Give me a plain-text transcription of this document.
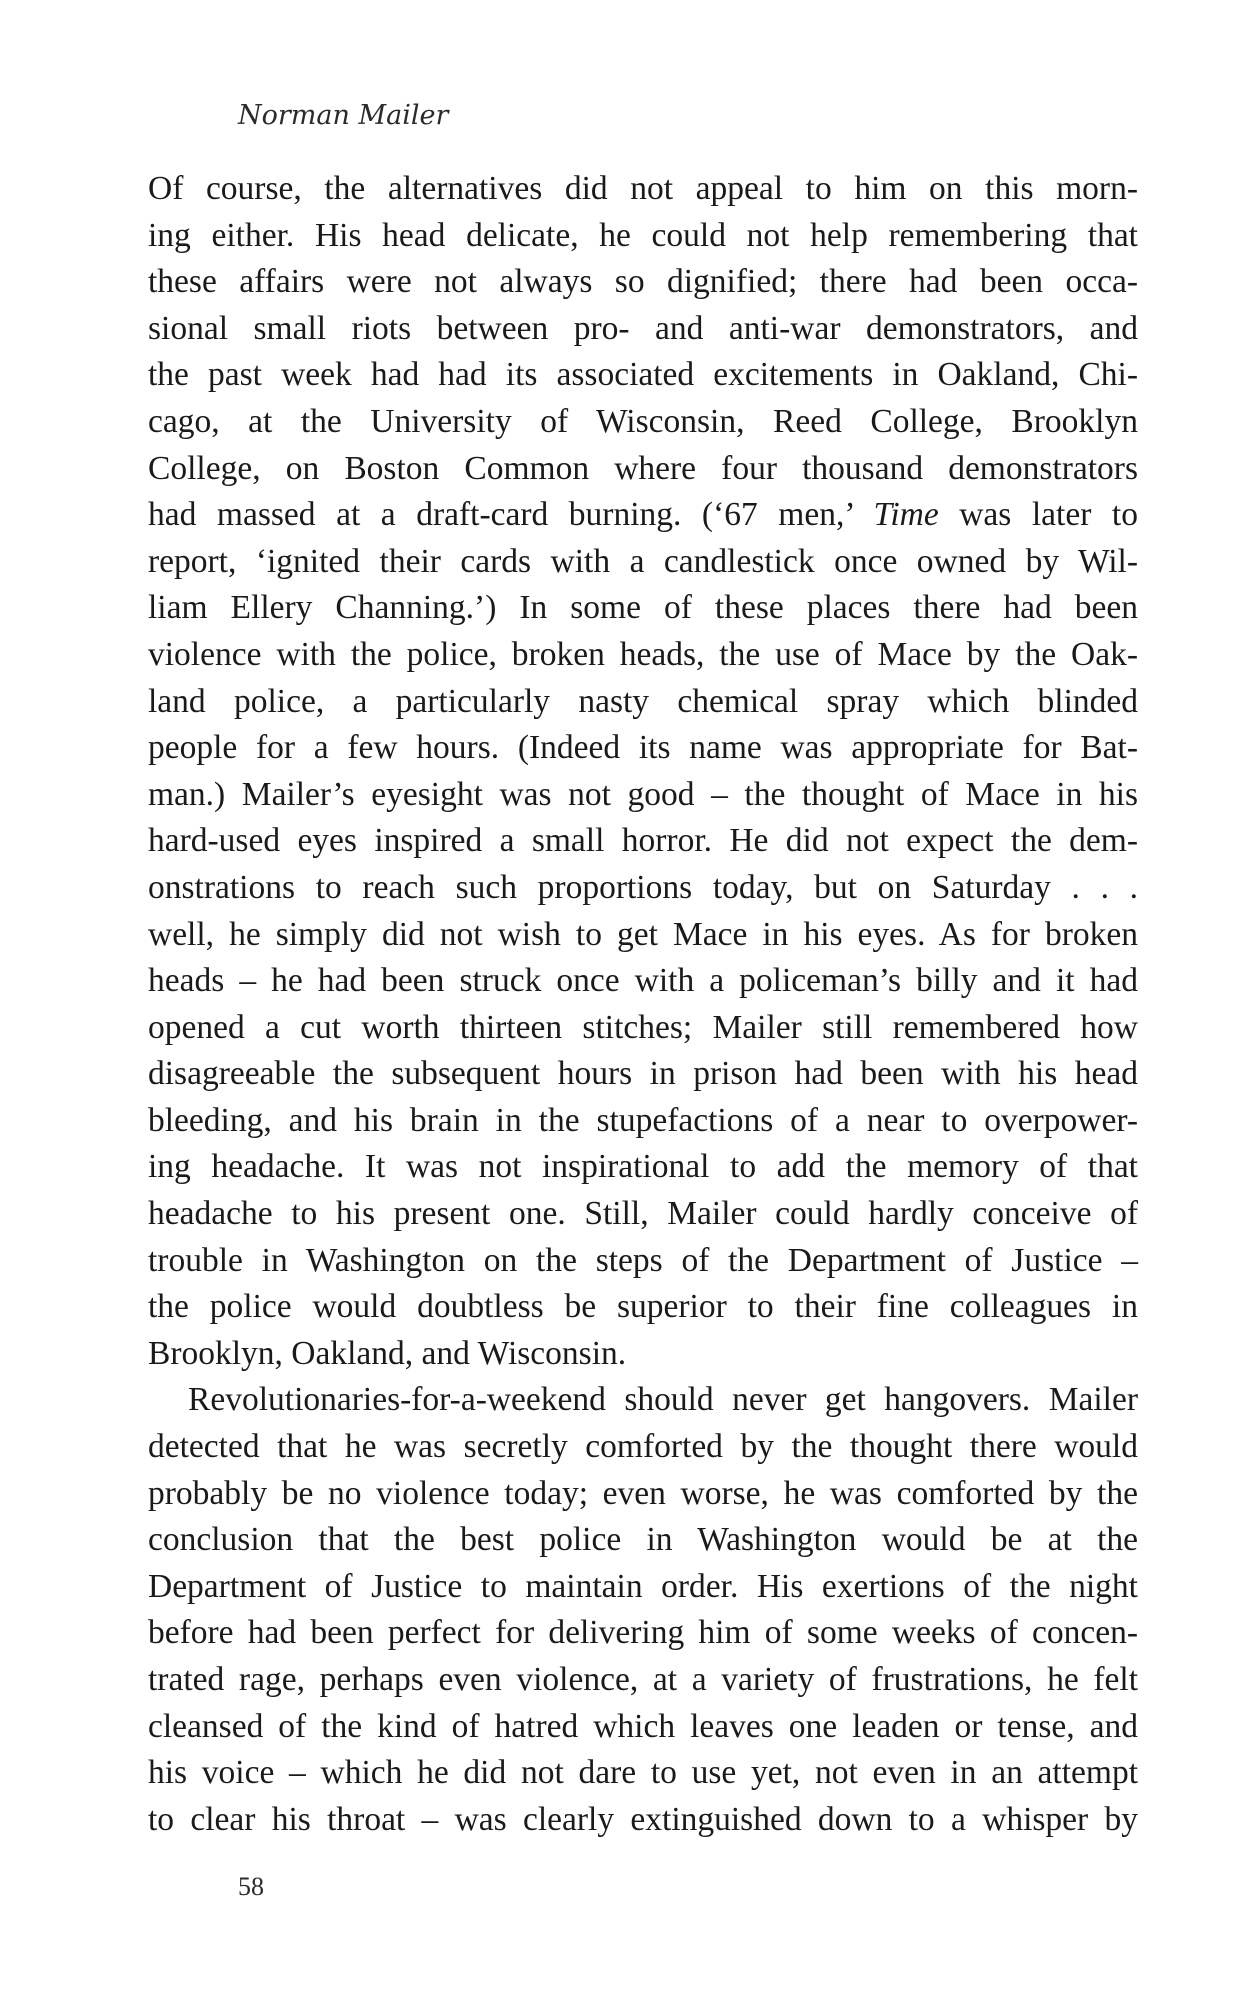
Norman Mailer

Of course, the alternatives did not appeal to him on this morn-
ing either. His head delicate, he could not help remembering that
these affairs were not always so dignified; there had been occa-
sional small riots between pro- and anti-war demonstrators, and
the past week had had its associated excitements in Oakland, Chi-
cago, at the University of Wisconsin, Reed College, Brooklyn
College, on Boston Common where four thousand demonstrators
had massed at a draft-card burning. (‘67 men,’ Time was later to
report, ‘ignited their cards with a candlestick once owned by Wil-
liam Ellery Channing.’) In some of these places there had been
violence with the police, broken heads, the use of Mace by the Oak-
land police, a particularly nasty chemical spray which blinded
people for a few hours. (Indeed its name was appropriate for Bat-
man.) Mailer’s eyesight was not good – the thought of Mace in his
hard-used eyes inspired a small horror. He did not expect the dem-
onstrations to reach such proportions today, but on Saturday . . .
well, he simply did not wish to get Mace in his eyes. As for broken
heads – he had been struck once with a policeman’s billy and it had
opened a cut worth thirteen stitches; Mailer still remembered how
disagreeable the subsequent hours in prison had been with his head
bleeding, and his brain in the stupefactions of a near to overpower-
ing headache. It was not inspirational to add the memory of that
headache to his present one. Still, Mailer could hardly conceive of
trouble in Washington on the steps of the Department of Justice –
the police would doubtless be superior to their fine colleagues in
Brooklyn, Oakland, and Wisconsin.
Revolutionaries-for-a-weekend should never get hangovers. Mailer
detected that he was secretly comforted by the thought there would
probably be no violence today; even worse, he was comforted by the
conclusion that the best police in Washington would be at the
Department of Justice to maintain order. His exertions of the night
before had been perfect for delivering him of some weeks of concen-
trated rage, perhaps even violence, at a variety of frustrations, he felt
cleansed of the kind of hatred which leaves one leaden or tense, and
his voice – which he did not dare to use yet, not even in an attempt
to clear his throat – was clearly extinguished down to a whisper by

58
